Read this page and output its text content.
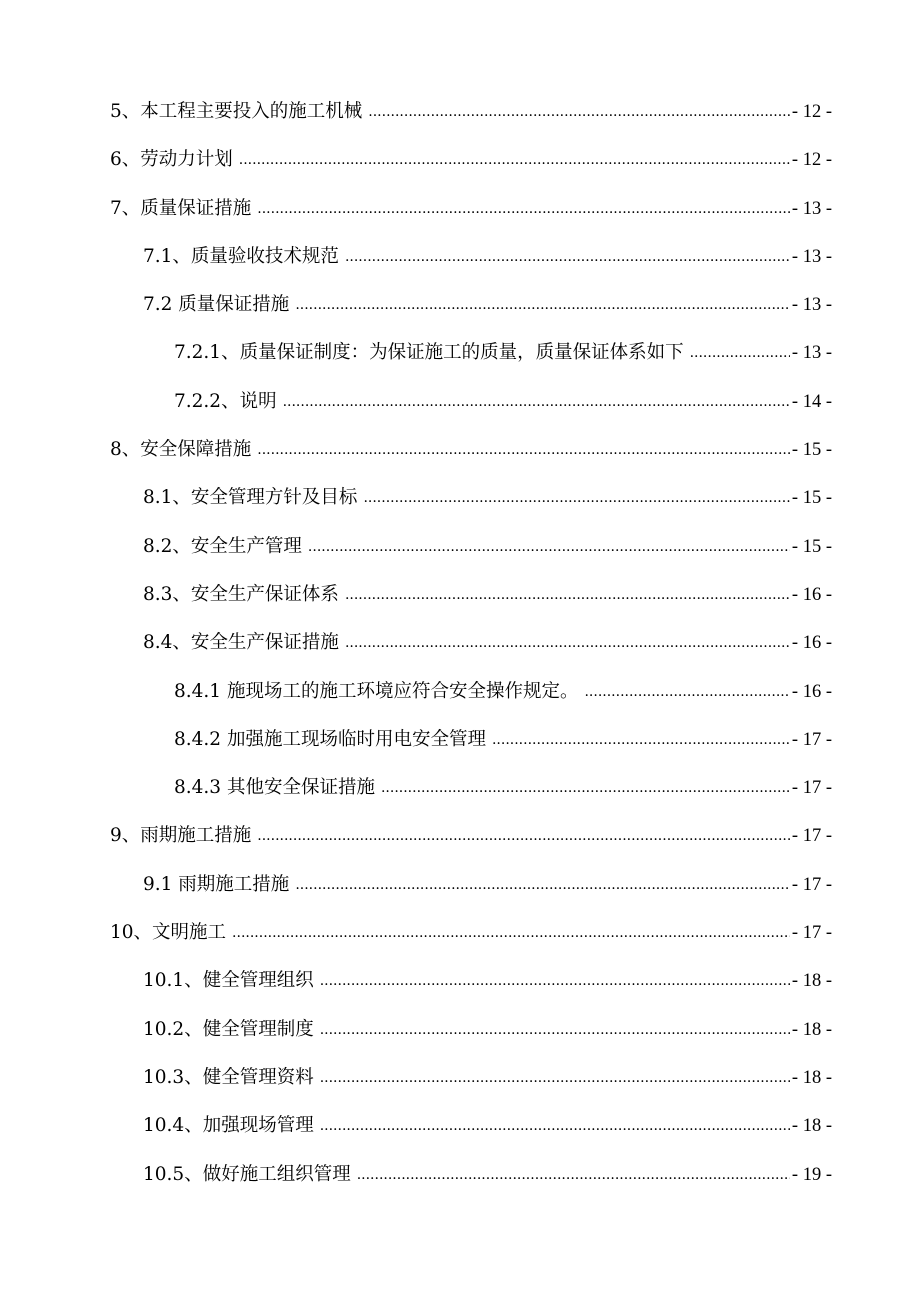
5、本工程主要投入的施工机械 .....	- 12 -
6、劳动力计划 .....	- 12 -
7、质量保证措施 .....	- 13 -
7.1、质量验收技术规范 .....	- 13 -
7.2 质量保证措施 .....	- 13 -
7.2.1、质量保证制度：为保证施工的质量，质量保证体系如下 .....	- 13 -
7.2.2、说明 .....	- 14 -
8、安全保障措施 .....	- 15 -
8.1、安全管理方针及目标 .....	- 15 -
8.2、安全生产管理 .....	- 15 -
8.3、安全生产保证体系 .....	- 16 -
8.4、安全生产保证措施 .....	- 16 -
8.4.1 施现场工的施工环境应符合安全操作规定。 .....	- 16 -
8.4.2 加强施工现场临时用电安全管理 .....	- 17 -
8.4.3 其他安全保证措施 .....	- 17 -
9、雨期施工措施 .....	- 17 -
9.1 雨期施工措施 .....	- 17 -
10、文明施工 .....	- 17 -
10.1、健全管理组织 .....	- 18 -
10.2、健全管理制度 .....	- 18 -
10.3、健全管理资料 .....	- 18 -
10.4、加强现场管理 .....	- 18 -
10.5、做好施工组织管理 .....	- 19 -
